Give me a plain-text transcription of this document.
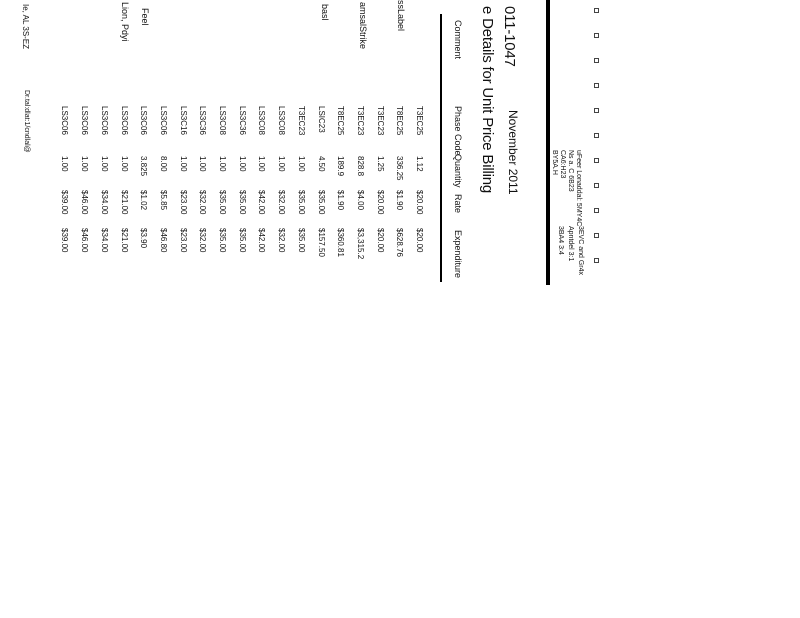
011-1047
November 2011
e Details for Unit Price Billing	uFeer Lonaddal: 5MY4C
Ns a. C 6B23
CA6:H23
BY5A.H
3EVC and Gr4x
Apntdel 3:1
3BA4 3:4
Comment
Phase Code
Quantity
Rate
Expenditure
ssLabel
amsalStrike
basl
Feel
Lion, Pdyi
Ie, AL 3S-EZ
Dr.tal:dlat:1/cndlal@	T3EC25
1.12
$20.00
$20.00
T8EC25
336.25
$1.90
$628.76
T3EC23
1.25
$20.00
$20.00
T3EC23
828.8
$4.00
$3,315.2
T8EC25
189.9
$1.90
$360.81
LSIC23
4.50
$35.00
$157.50
T3EC23
1.00
$35.00
$35.00
LS3C08
1.00
$32.00
$32.00
LS3C08
1.00
$42.00
$42.00
LS3C36
1.00
$35.00
$35.00
LS3C08
1.00
$35.00
$35.00
LS3C36
1.00
$32.00
$32.00
LS3C16
1.00
$23.00
$23.00
LS3C06
8.00
$5.85
$46.80
LS3C06
3.825
$1.02
$3.90
LS3C06
1.00
$21.00
$21.00
LS3C06
1.00
$34.00
$34.00
LS3C06
1.00
$46.00
$46.00
LS3C06
1.00
$39.00
$39.00
